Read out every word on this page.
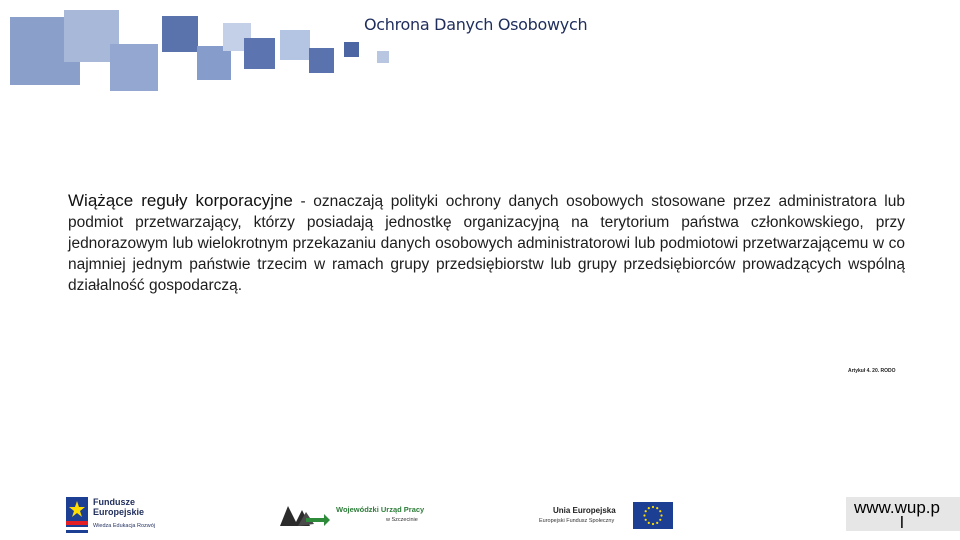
Ochrona Danych Osobowych
Wiążące reguły korporacyjne - oznaczają polityki ochrony danych osobowych stosowane przez administratora lub podmiot przetwarzający, którzy posiadają jednostkę organizacyjną na terytorium państwa członkowskiego, przy jednorazowym lub wielokrotnym przekazaniu danych osobowych administratorowi lub podmiotowi przetwarzającemu w co najmniej jednym państwie trzecim w ramach grupy przedsiębiorstw lub grupy przedsiębiorców prowadzących wspólną działalność gospodarczą.
Artykuł 4. 20. RODO
Fundusze
Europejskie
Wiedza Edukacja Rozwój
Wojewódzki Urząd Pracy
w Szczecinie
Unia Europejska
Europejski Fundusz Społeczny
www.wup.p
l
